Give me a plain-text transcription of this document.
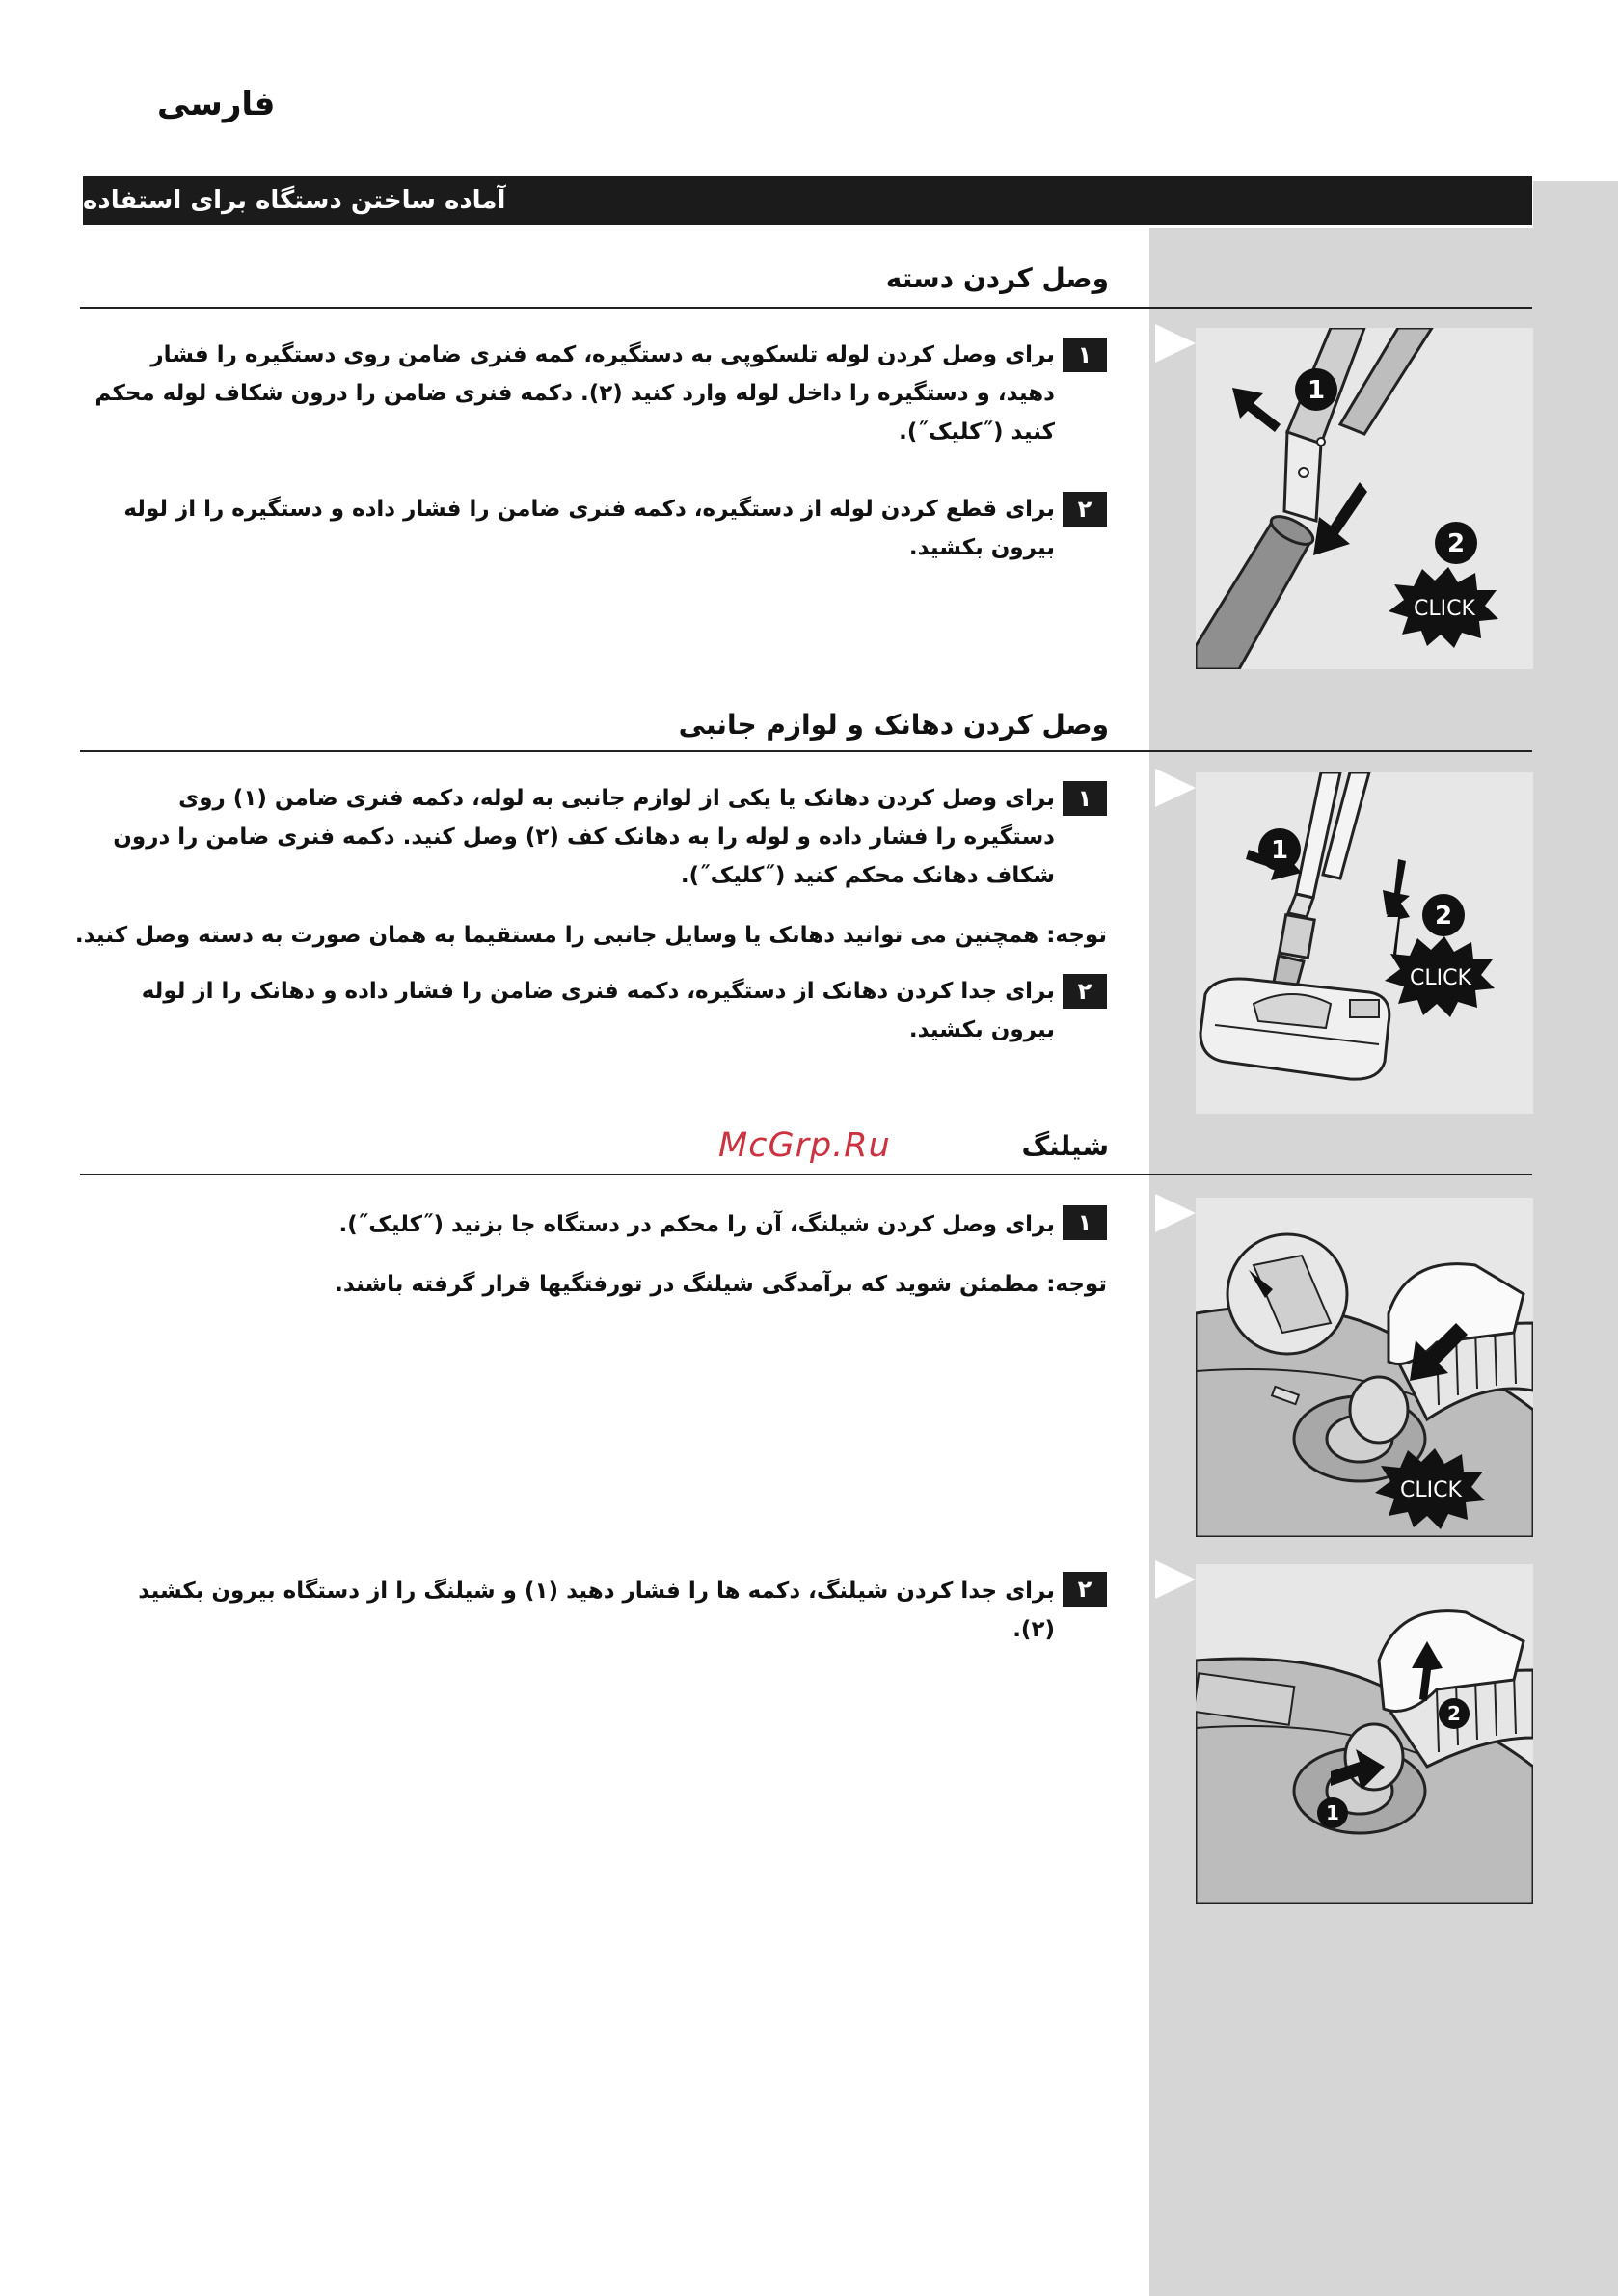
فارسی
آماده ساختن دستگاه برای استفاده
وصل کردن دسته
۱
برای وصل کردن لوله تلسکوپی به دستگیره، کمه فنری ضامن روی دستگیره را فشار دهید، و دستگیره را داخل لوله وارد کنید (۲). دکمه فنری ضامن را درون شکاف لوله محکم کنید (˝کلیک˝).
۲
برای قطع کردن لوله از دستگیره، دکمه فنری ضامن را فشار داده و دستگیره را از لوله بیرون بکشید.
1
2
CLICK
وصل کردن دهانک و لوازم جانبی
۱
برای وصل کردن دهانک یا یکی از لوازم جانبی به لوله، دکمه فنری ضامن (۱) روی دستگیره را فشار داده و لوله را به دهانک کف (۲) وصل کنید. دکمه فنری ضامن را درون شکاف دهانک محکم کنید (˝کلیک˝).
توجه: همچنین می توانید دهانک یا وسایل جانبی را مستقیما به همان صورت به دسته وصل کنید.
۲
برای جدا کردن دهانک از دستگیره، دکمه فنری ضامن را فشار داده و دهانک را از لوله بیرون بکشید.
1
2
CLICK
McGrp.Ru	شیلنگ
۱
برای وصل کردن شیلنگ، آن را محکم در دستگاه جا بزنید (˝کلیک˝).
توجه: مطمئن شوید که برآمدگی شیلنگ در تورفتگیها قرار گرفته باشند.
CLICK
۲
برای جدا کردن شیلنگ، دکمه ها را فشار دهید (۱) و شیلنگ را از دستگاه بیرون بکشید (۲).
1
2
